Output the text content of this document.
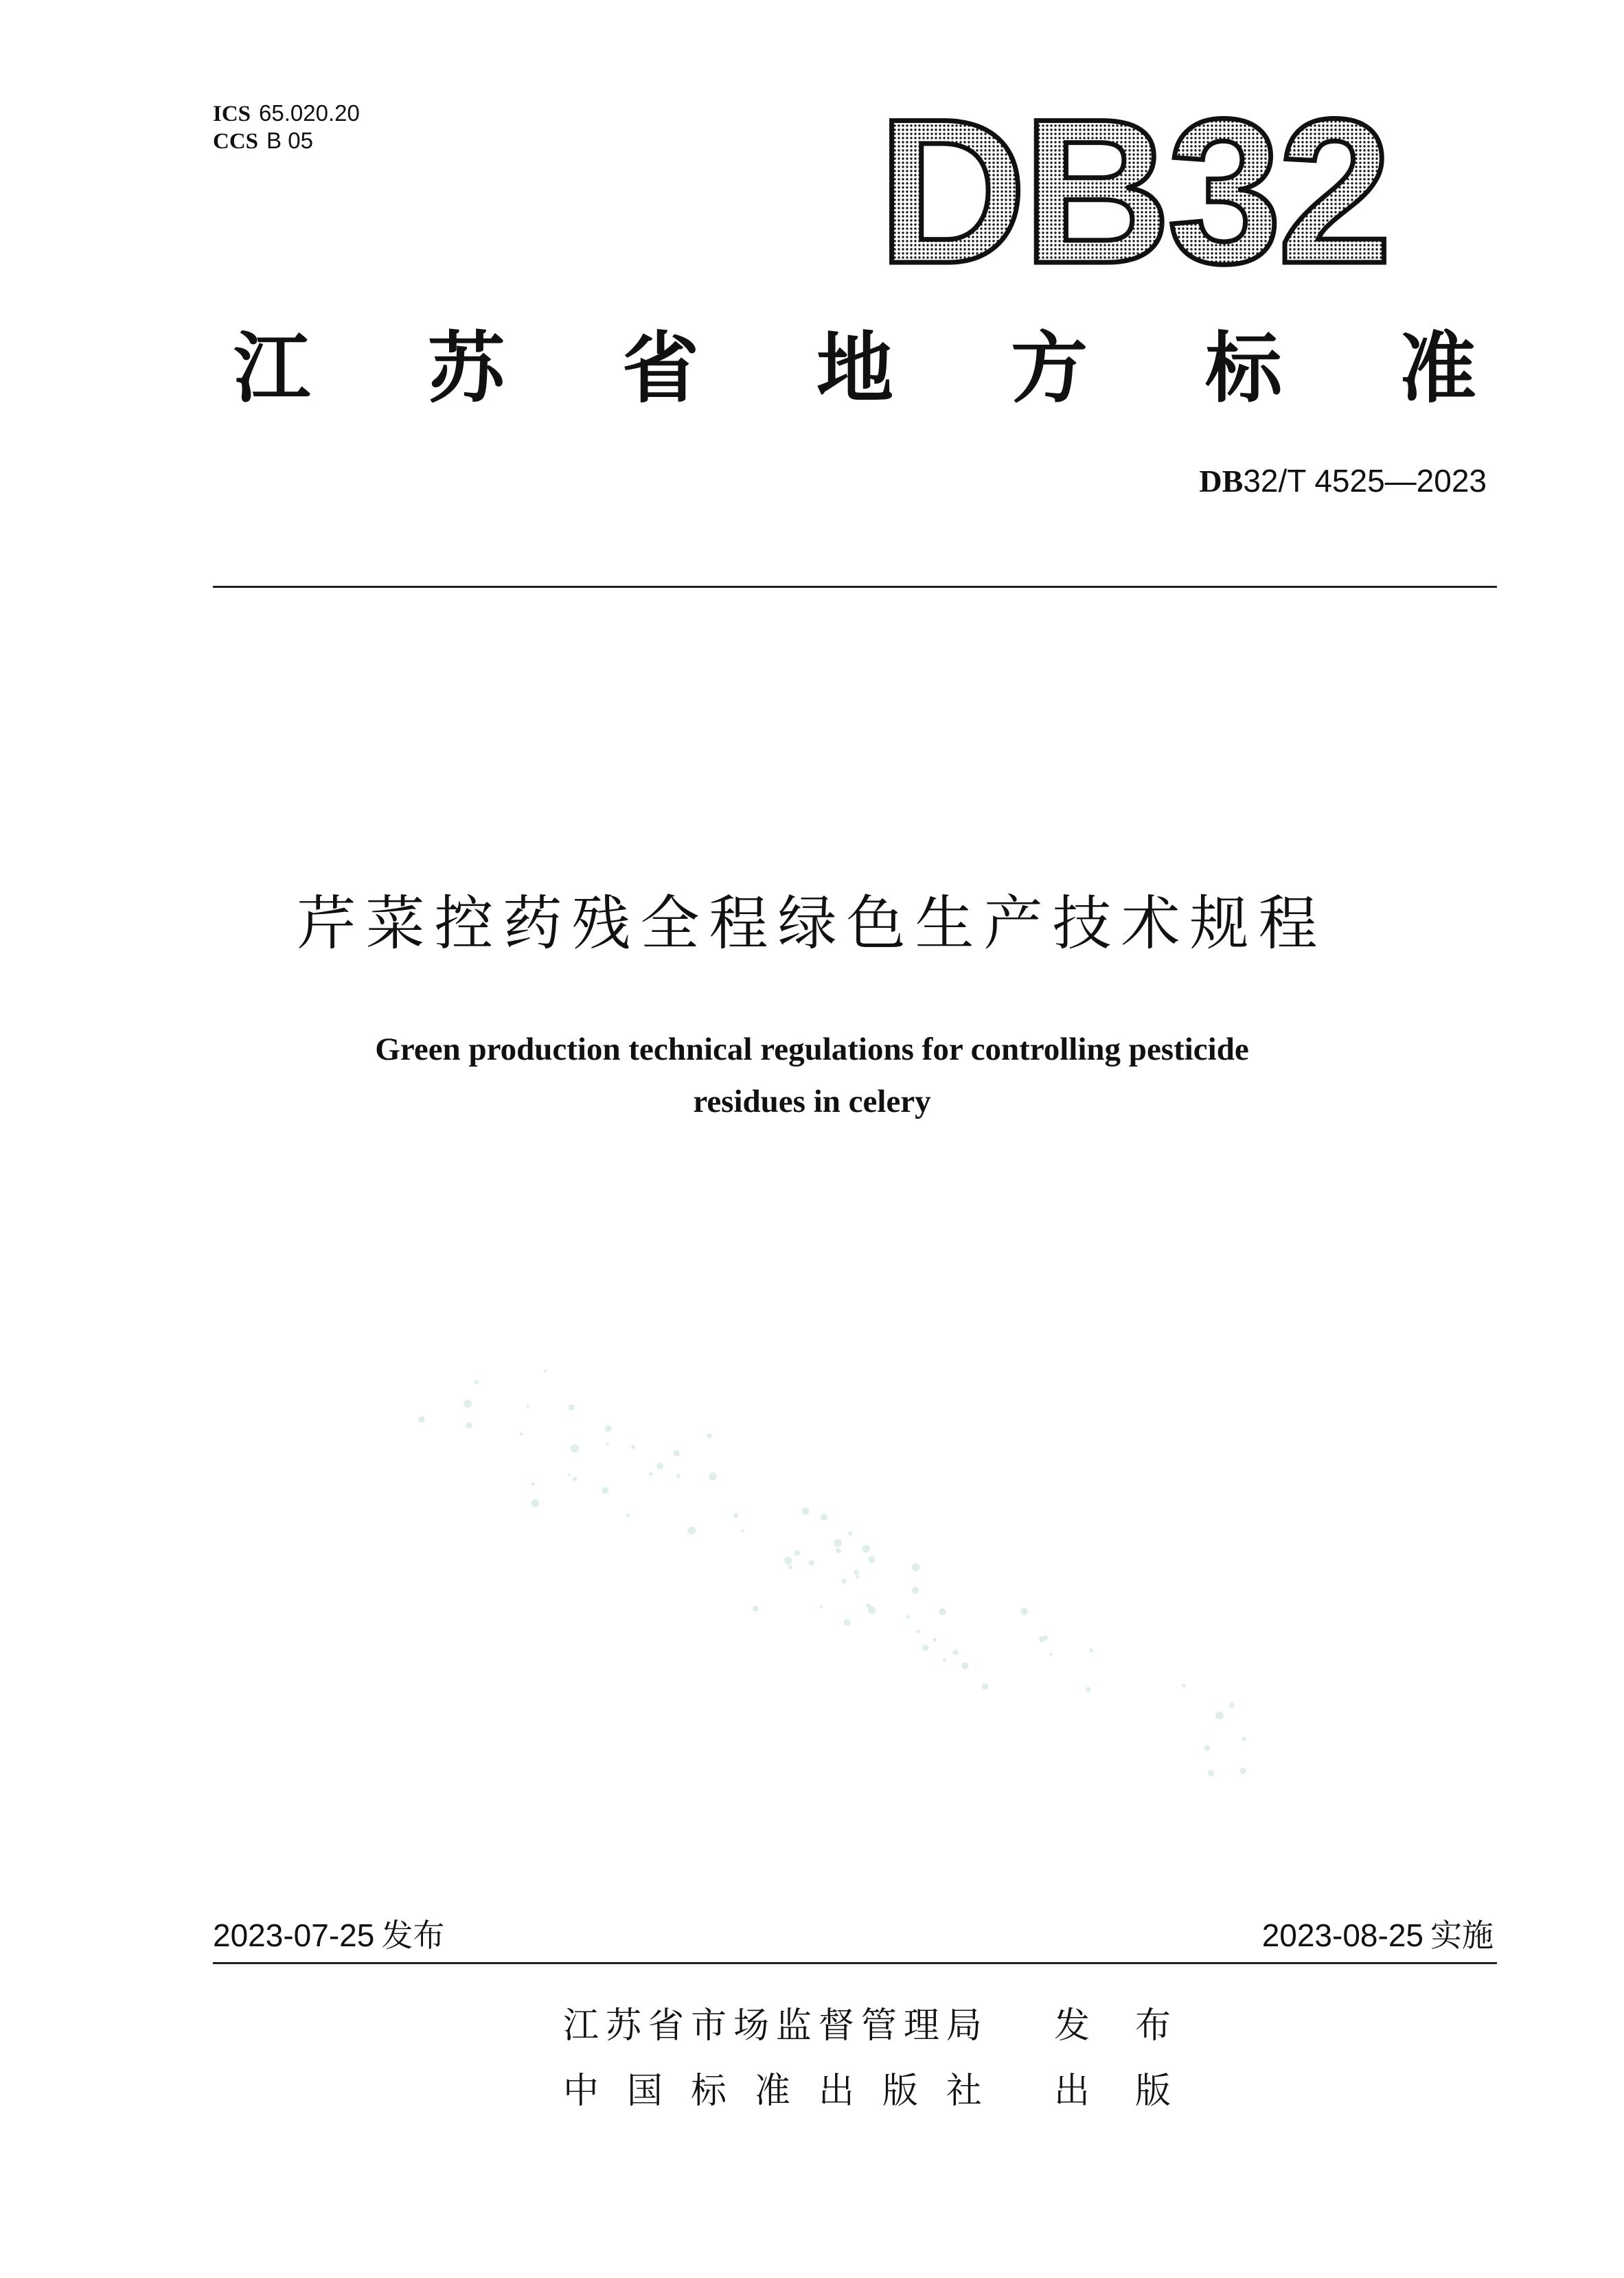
ICS 65.020.20
CCS B 05	DB32
江 苏 省 地 方 标 准
DB32/T 4525—2023
芹菜控药残全程绿色生产技术规程
Green production technical regulations for controlling pesticide
residues in celery
2023-07-25 发布	2023-08-25 实施
江 苏 省 市 场 监 督 管 理 局 发 布
中 国 标 准 出 版 社 出 版
